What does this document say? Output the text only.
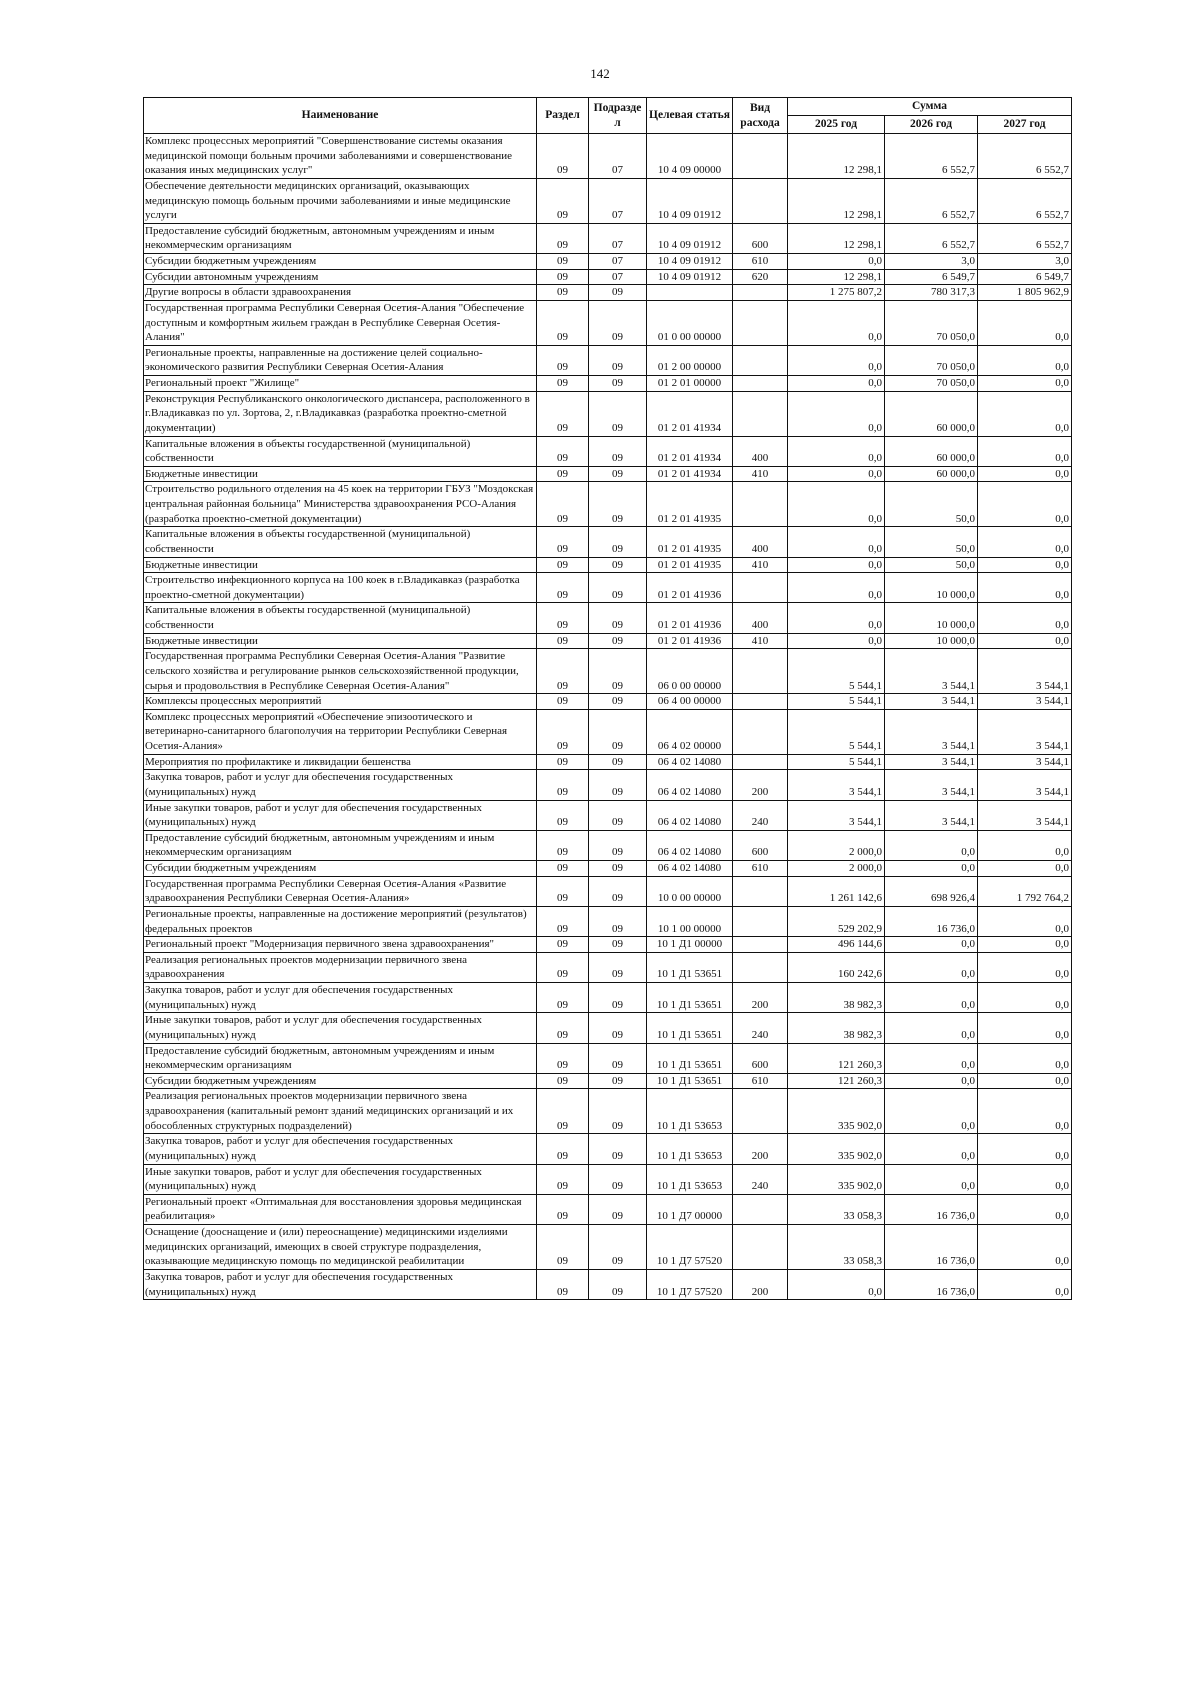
142
Наименование	Раздел	Подразде л	Целевая статья	Вид расхода	Сумма		
					2025 год	2026 год	2027 год
Комплекс процессных мероприятий "Совершенствование системы оказания медицинской помощи больным прочими заболеваниями и совершенствование оказания иных медицинских услуг"	09	07	10 4 09 00000		12 298,1	6 552,7	6 552,7
Обеспечение деятельности медицинских организаций, оказывающих медицинскую помощь больным прочими заболеваниями и иные медицинские услуги	09	07	10 4 09 01912		12 298,1	6 552,7	6 552,7
Предоставление субсидий бюджетным, автономным учреждениям и иным некоммерческим организациям	09	07	10 4 09 01912	600	12 298,1	6 552,7	6 552,7
Субсидии бюджетным учреждениям	09	07	10 4 09 01912	610	0,0	3,0	3,0
Субсидии автономным учреждениям	09	07	10 4 09 01912	620	12 298,1	6 549,7	6 549,7
Другие вопросы в области здравоохранения	09	09			1 275 807,2	780 317,3	1 805 962,9
Государственная программа Республики Северная Осетия-Алания "Обеспечение доступным и комфортным жильем граждан в Республике Северная Осетия-Алания"	09	09	01 0 00 00000		0,0	70 050,0	0,0
Региональные проекты, направленные на достижение целей социально-экономического развития Республики Северная Осетия-Алания	09	09	01 2 00 00000		0,0	70 050,0	0,0
Региональный проект "Жилище"	09	09	01 2 01 00000		0,0	70 050,0	0,0
Реконструкция Республиканского онкологического диспансера, расположенного в г.Владикавказ по ул. Зортова, 2, г.Владикавказ (разработка проектно-сметной документации)	09	09	01 2 01 41934		0,0	60 000,0	0,0
Капитальные вложения в объекты государственной (муниципальной) собственности	09	09	01 2 01 41934	400	0,0	60 000,0	0,0
Бюджетные инвестиции	09	09	01 2 01 41934	410	0,0	60 000,0	0,0
Строительство родильного отделения на 45 коек на территории ГБУЗ "Моздокская центральная районная больница" Министерства здравоохранения РСО-Алания (разработка проектно-сметной документации)	09	09	01 2 01 41935		0,0	50,0	0,0
Капитальные вложения в объекты государственной (муниципальной) собственности	09	09	01 2 01 41935	400	0,0	50,0	0,0
Бюджетные инвестиции	09	09	01 2 01 41935	410	0,0	50,0	0,0
Строительство инфекционного корпуса на 100 коек в г.Владикавказ (разработка проектно-сметной документации)	09	09	01 2 01 41936		0,0	10 000,0	0,0
Капитальные вложения в объекты государственной (муниципальной) собственности	09	09	01 2 01 41936	400	0,0	10 000,0	0,0
Бюджетные инвестиции	09	09	01 2 01 41936	410	0,0	10 000,0	0,0
Государственная программа Республики Северная Осетия-Алания "Развитие сельского хозяйства и регулирование рынков сельскохозяйственной продукции, сырья и продовольствия в Республике Северная Осетия-Алания"	09	09	06 0 00 00000		5 544,1	3 544,1	3 544,1
Комплексы процессных мероприятий	09	09	06 4 00 00000		5 544,1	3 544,1	3 544,1
Комплекс процессных мероприятий «Обеспечение эпизоотического и ветеринарно-санитарного благополучия на территории Республики Северная Осетия-Алания»	09	09	06 4 02 00000		5 544,1	3 544,1	3 544,1
Мероприятия по профилактике и ликвидации бешенства	09	09	06 4 02 14080		5 544,1	3 544,1	3 544,1
Закупка товаров, работ и услуг для обеспечения государственных (муниципальных) нужд	09	09	06 4 02 14080	200	3 544,1	3 544,1	3 544,1
Иные закупки товаров, работ и услуг для обеспечения государственных (муниципальных) нужд	09	09	06 4 02 14080	240	3 544,1	3 544,1	3 544,1
Предоставление субсидий бюджетным, автономным учреждениям и иным некоммерческим организациям	09	09	06 4 02 14080	600	2 000,0	0,0	0,0
Субсидии бюджетным учреждениям	09	09	06 4 02 14080	610	2 000,0	0,0	0,0
Государственная программа Республики Северная Осетия-Алания «Развитие здравоохранения Республики Северная Осетия-Алания»	09	09	10 0 00 00000		1 261 142,6	698 926,4	1 792 764,2
Региональные проекты, направленные на достижение мероприятий (результатов) федеральных проектов	09	09	10 1 00 00000		529 202,9	16 736,0	0,0
Региональный проект "Модернизация первичного звена здравоохранения"	09	09	10 1 Д1 00000		496 144,6	0,0	0,0
Реализация региональных проектов модернизации первичного звена здравоохранения	09	09	10 1 Д1 53651		160 242,6	0,0	0,0
Закупка товаров, работ и услуг для обеспечения государственных (муниципальных) нужд	09	09	10 1 Д1 53651	200	38 982,3	0,0	0,0
Иные закупки товаров, работ и услуг для обеспечения государственных (муниципальных) нужд	09	09	10 1 Д1 53651	240	38 982,3	0,0	0,0
Предоставление субсидий бюджетным, автономным учреждениям и иным некоммерческим организациям	09	09	10 1 Д1 53651	600	121 260,3	0,0	0,0
Субсидии бюджетным учреждениям	09	09	10 1 Д1 53651	610	121 260,3	0,0	0,0
Реализация региональных проектов модернизации первичного звена здравоохранения (капитальный ремонт зданий медицинских организаций и их обособленных структурных подразделений)	09	09	10 1 Д1 53653		335 902,0	0,0	0,0
Закупка товаров, работ и услуг для обеспечения государственных (муниципальных) нужд	09	09	10 1 Д1 53653	200	335 902,0	0,0	0,0
Иные закупки товаров, работ и услуг для обеспечения государственных (муниципальных) нужд	09	09	10 1 Д1 53653	240	335 902,0	0,0	0,0
Региональный проект «Оптимальная для восстановления здоровья медицинская реабилитация»	09	09	10 1 Д7 00000		33 058,3	16 736,0	0,0
Оснащение (дооснащение и (или) переоснащение) медицинскими изделиями медицинских организаций, имеющих в своей структуре подразделения, оказывающие медицинскую помощь по медицинской реабилитации	09	09	10 1 Д7 57520		33 058,3	16 736,0	0,0
Закупка товаров, работ и услуг для обеспечения государственных (муниципальных) нужд	09	09	10 1 Д7 57520	200	0,0	16 736,0	0,0
